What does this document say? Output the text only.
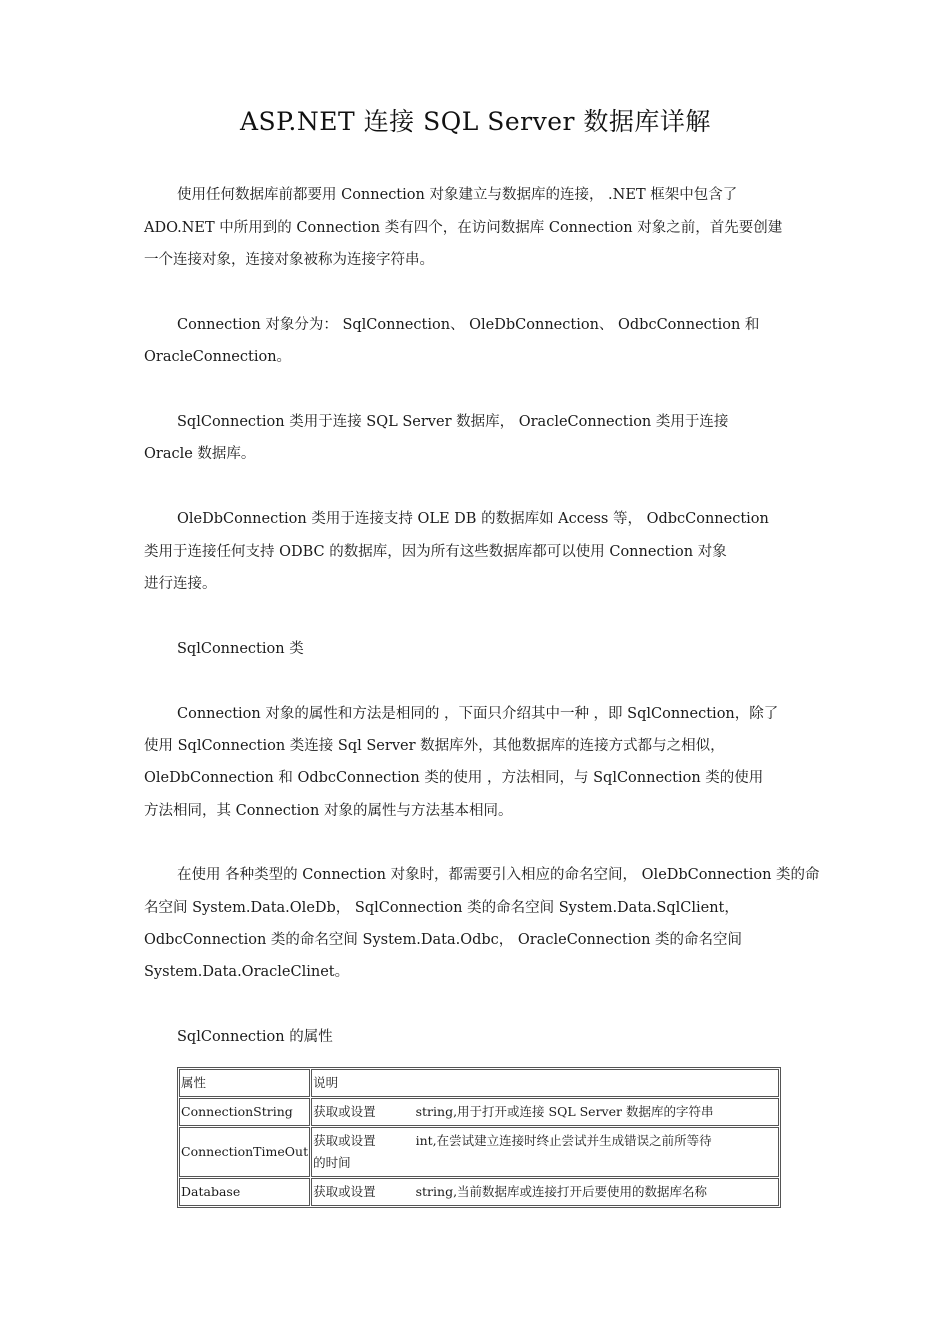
ASP.NET 连接 SQL Server 数据库详解
使用任何数据库前都要用 Connection 对象建立与数据库的连接， .NET 框架中包含了
ADO.NET 中所用到的 Connection 类有四个，在访问数据库 Connection 对象之前，首先要创建
一个连接对象，连接对象被称为连接字符串。
Connection 对象分为： SqlConnection、 OleDbConnection、 OdbcConnection 和
OracleConnection。
SqlConnection 类用于连接 SQL Server 数据库， OracleConnection 类用于连接
Oracle 数据库。
OleDbConnection 类用于连接支持 OLE DB 的数据库如 Access 等， OdbcConnection
类用于连接任何支持 ODBC 的数据库，因为所有这些数据库都可以使用 Connection 对象
进行连接。
SqlConnection 类
Connection 对象的属性和方法是相同的 ，下面只介绍其中一种 ，即 SqlConnection，除了
使用 SqlConnection 类连接 Sql Server 数据库外，其他数据库的连接方式都与之相似，
OleDbConnection 和 OdbcConnection 类的使用 ，方法相同，与 SqlConnection 类的使用
方法相同，其 Connection 对象的属性与方法基本相同。
在使用 各种类型的 Connection 对象时，都需要引入相应的命名空间， OleDbConnection 类的命
名空间 System.Data.OleDb， SqlConnection 类的命名空间 System.Data.SqlClient，
OdbcConnection 类的命名空间 System.Data.Odbc， OracleConnection 类的命名空间
System.Data.OracleClinet。
SqlConnection 的属性
属性	说明
ConnectionString	获取或设置 string,用于打开或连接 SQL Server 数据库的字符串
ConnectionTimeOut	获取或设置 int,在尝试建立连接时终止尝试并生成错误之前所等待
的时间
Database	获取或设置 string,当前数据库或连接打开后要使用的数据库名称
